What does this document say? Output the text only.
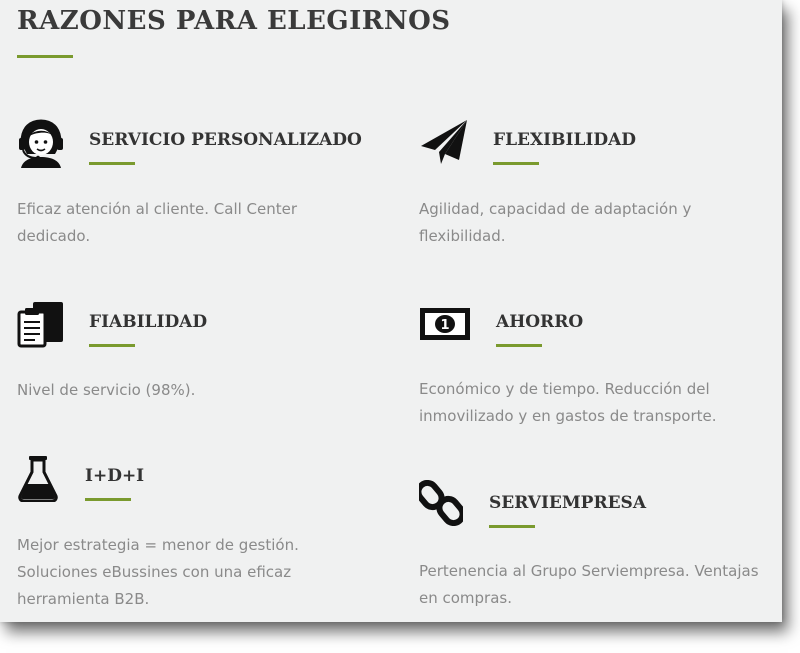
RAZONES PARA ELEGIRNOS
SERVICIO PERSONALIZADO

Eficaz atención al cliente. Call Center
dedicado.

FLEXIBILIDAD

Agilidad, capacidad de adaptación y
flexibilidad.

FIABILIDAD

Nivel de servicio (98%).

1	AHORRO

Económico y de tiempo. Reducción del
inmovilizado y en gastos de transporte.

I+D+I

Mejor estrategia = menor de gestión.
Soluciones eBussines con una eficaz
herramienta B2B.

SERVIEMPRESA

Pertenencia al Grupo Serviempresa. Ventajas
en compras.
